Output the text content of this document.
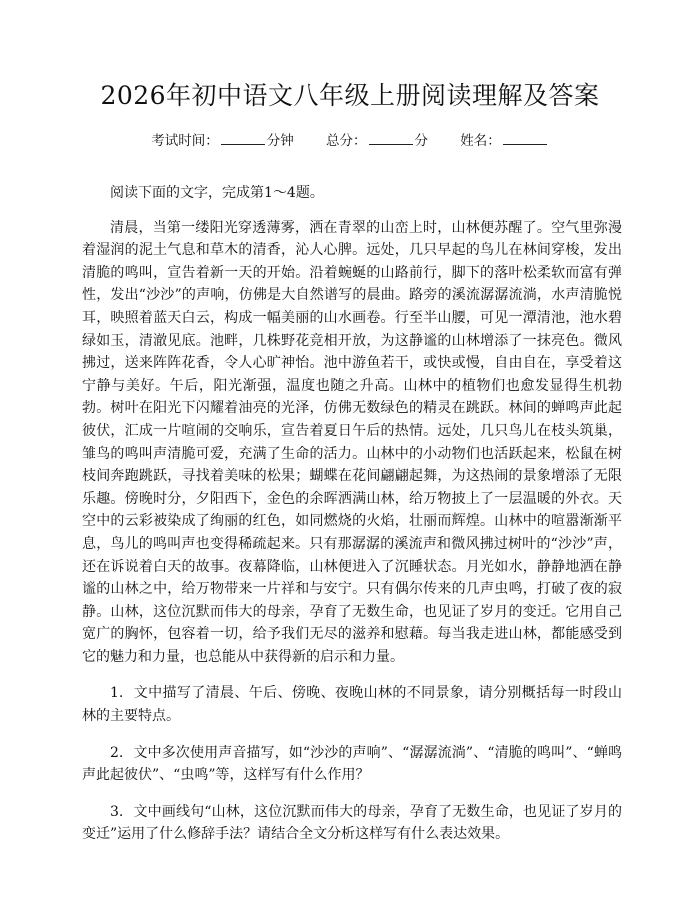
2026年初中语文八年级上册阅读理解及答案
考试时间：	分钟 总分：	分 姓名：

阅读下面的文字，完成第1～4题。

清晨，当第一缕阳光穿透薄雾，洒在青翠的山峦上时，山林便苏醒了。空气里弥漫着湿润的泥土气息和草木的清香，沁人心脾。远处，几只早起的鸟儿在林间穿梭，发出清脆的鸣叫，宣告着新一天的开始。沿着蜿蜒的山路前行，脚下的落叶松柔软而富有弹性，发出“沙沙”的声响，仿佛是大自然谱写的晨曲。路旁的溪流潺潺流淌，水声清脆悦耳，映照着蓝天白云，构成一幅美丽的山水画卷。行至半山腰，可见一潭清池，池水碧绿如玉，清澈见底。池畔，几株野花竞相开放，为这静谧的山林增添了一抹亮色。微风拂过，送来阵阵花香，令人心旷神怡。池中游鱼若干，或快或慢，自由自在，享受着这宁静与美好。午后，阳光渐强，温度也随之升高。山林中的植物们也愈发显得生机勃勃。树叶在阳光下闪耀着油亮的光泽，仿佛无数绿色的精灵在跳跃。林间的蝉鸣声此起彼伏，汇成一片喧闹的交响乐，宣告着夏日午后的热情。远处，几只鸟儿在枝头筑巢，雏鸟的鸣叫声清脆可爱，充满了生命的活力。山林中的小动物们也活跃起来，松鼠在树枝间奔跑跳跃，寻找着美味的松果；蝴蝶在花间翩翩起舞，为这热闹的景象增添了无限乐趣。傍晚时分，夕阳西下，金色的余晖洒满山林，给万物披上了一层温暖的外衣。天空中的云彩被染成了绚丽的红色，如同燃烧的火焰，壮丽而辉煌。山林中的喧嚣渐渐平息，鸟儿的鸣叫声也变得稀疏起来。只有那潺潺的溪流声和微风拂过树叶的“沙沙”声，还在诉说着白天的故事。夜幕降临，山林便进入了沉睡状态。月光如水，静静地洒在静谧的山林之中，给万物带来一片祥和与安宁。只有偶尔传来的几声虫鸣，打破了夜的寂静。山林，这位沉默而伟大的母亲，孕育了无数生命，也见证了岁月的变迁。它用自己宽广的胸怀，包容着一切，给予我们无尽的滋养和慰藉。每当我走进山林，都能感受到它的魅力和力量，也总能从中获得新的启示和力量。

1. 文中描写了清晨、午后、傍晚、夜晚山林的不同景象，请分别概括每一时段山林的主要特点。

2. 文中多次使用声音描写，如“沙沙的声响”、“潺潺流淌”、“清脆的鸣叫”、“蝉鸣声此起彼伏”、“虫鸣”等，这样写有什么作用？

3. 文中画线句“山林，这位沉默而伟大的母亲，孕育了无数生命，也见证了岁月的变迁”运用了什么修辞手法？请结合全文分析这样写有什么表达效果。
